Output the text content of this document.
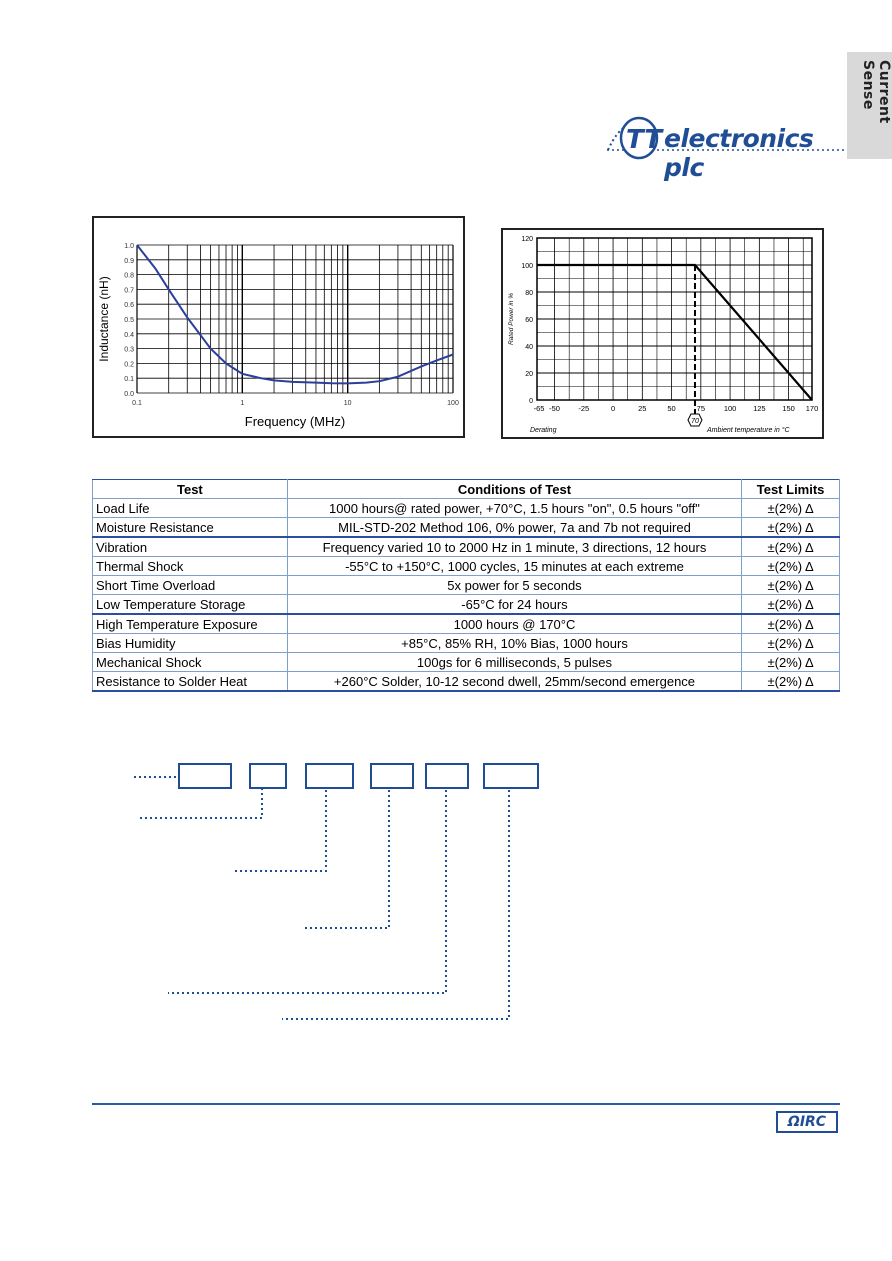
Current Sense
TT electronics plc
0.0
0.1
0.2
0.3
0.4
0.5
0.6
0.7
0.8
0.9
1.0
0.1	1	10	100
Frequency (MHz)
Inductance (nH)
0
20
40
60
80
100
120
-65 -50 -25	0	25	50	75	100 125 150 170
70
Derating	Ambient temperature in °C
Rated Power in %
Test	Conditions of Test	Test Limits
Load Life	1000 hours@ rated power, +70°C, 1.5 hours "on", 0.5 hours "off"	±(2%) Δ
Moisture Resistance	MIL-STD-202 Method 106, 0% power, 7a and 7b not required	±(2%) Δ
Vibration	Frequency varied 10 to 2000 Hz in 1 minute, 3 directions, 12 hours	±(2%) Δ
Thermal Shock	-55°C to +150°C, 1000 cycles, 15 minutes at each extreme	±(2%) Δ
Short Time Overload	5x power for 5 seconds	±(2%) Δ
Low Temperature Storage	-65°C for 24 hours	±(2%) Δ
High Temperature Exposure	1000 hours @ 170°C	±(2%) Δ
Bias Humidity	+85°C, 85% RH, 10% Bias, 1000 hours	±(2%) Δ
Mechanical Shock	100gs for 6 milliseconds, 5 pulses	±(2%) Δ
Resistance to Solder Heat	+260°C Solder, 10-12 second dwell, 25mm/second emergence	±(2%) Δ
ΩIRC
